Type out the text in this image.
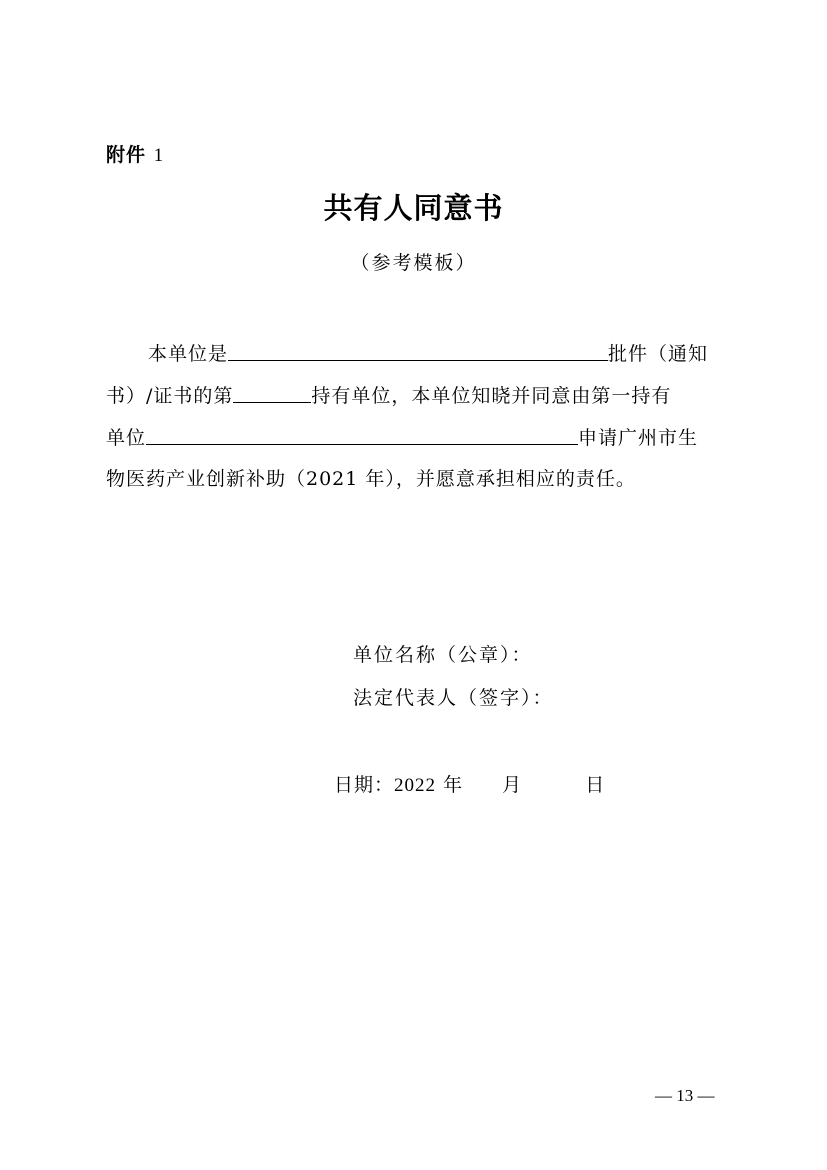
附件 1
共有人同意书
（参考模板）
本单位是	批件（通知
书）/证书的第	持有单位，本单位知晓并同意由第一持有
单位	申请广州市生
物医药产业创新补助（2021 年），并愿意承担相应的责任。
单位名称（公章）：
法定代表人（签字）：
日期：2022 年 月	日
— 13 —
